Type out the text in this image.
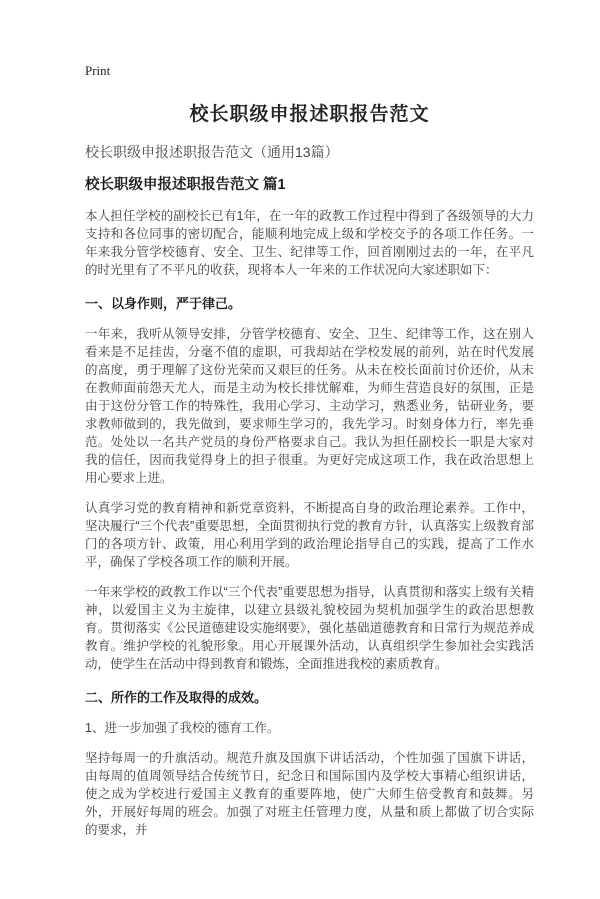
Print
校长职级申报述职报告范文

校长职级申报述职报告范文（通用13篇）

校长职级申报述职报告范文 篇1

本人担任学校的副校长已有1年，在一年的政教工作过程中得到了各级领导的大力支持和各位同事的密切配合，能顺利地完成上级和学校交予的各项工作任务。一年来我分管学校德育、安全、卫生、纪律等工作，回首刚刚过去的一年，在平凡的时光里有了不平凡的收获，现将本人一年来的工作状况向大家述职如下：

一、以身作则，严于律己。

一年来，我听从领导安排，分管学校德育、安全、卫生、纪律等工作，这在别人看来是不足挂齿，分毫不值的虚职，可我却站在学校发展的前列，站在时代发展的高度，勇于理解了这份光荣而又艰巨的任务。从未在校长面前讨价还价，从未在教师面前怨天尤人，而是主动为校长排忧解难，为师生营造良好的氛围，正是由于这份分管工作的特殊性，我用心学习、主动学习，熟悉业务，钻研业务，要求教师做到的，我先做到，要求师生学习的，我先学习。时刻身体力行，率先垂范。处处以一名共产党员的身份严格要求自己。我认为担任副校长一职是大家对我的信任，因而我觉得身上的担子很重。为更好完成这项工作，我在政治思想上用心要求上进。

认真学习党的教育精神和新党章资料，不断提高自身的政治理论素养。工作中，坚决履行“三个代表”重要思想，全面贯彻执行党的教育方针，认真落实上级教育部门的各项方针、政策，用心利用学到的政治理论指导自己的实践，提高了工作水平，确保了学校各项工作的顺利开展。

一年来学校的政教工作以“三个代表”重要思想为指导，认真贯彻和落实上级有关精神，以爱国主义为主旋律，以建立县级礼貌校园为契机加强学生的政治思想教育。贯彻落实《公民道德建设实施纲要》，强化基础道德教育和日常行为规范养成教育。维护学校的礼貌形象。用心开展课外活动，认真组织学生参加社会实践活动，使学生在活动中得到教育和锻炼，全面推进我校的素质教育。

二、所作的工作及取得的成效。

1、进一步加强了我校的德育工作。

坚持每周一的升旗活动。规范升旗及国旗下讲话活动，个性加强了国旗下讲话，由每周的值周领导结合传统节日，纪念日和国际国内及学校大事精心组织讲话，使之成为学校进行爱国主义教育的重要阵地，使广大师生倍受教育和鼓舞。另外，开展好每周的班会。加强了对班主任管理力度，从量和质上都做了切合实际的要求，并
